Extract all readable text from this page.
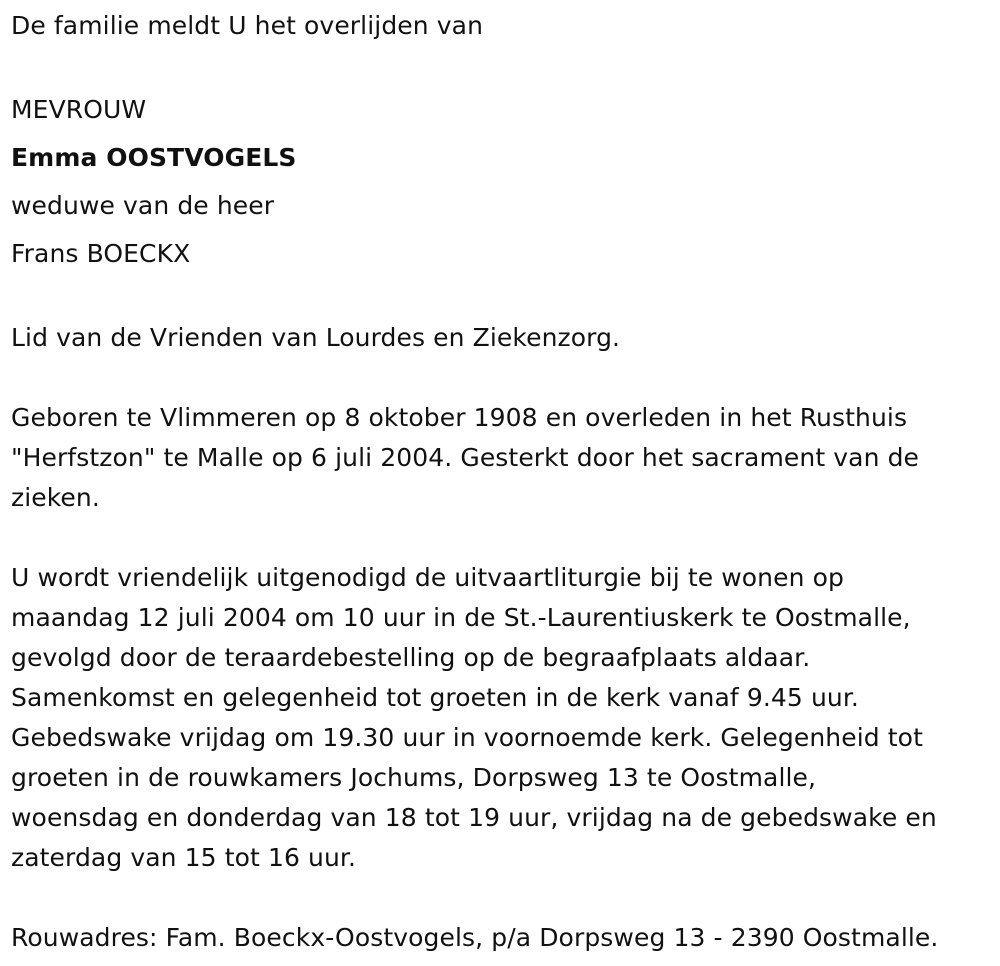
De familie meldt U het overlijden van
MEVROUW
Emma OOSTVOGELS
weduwe van de heer
Frans BOECKX
Lid van de Vrienden van Lourdes en Ziekenzorg.
Geboren te Vlimmeren op 8 oktober 1908 en overleden in het Rusthuis
"Herfstzon" te Malle op 6 juli 2004. Gesterkt door het sacrament van de
zieken.
U wordt vriendelijk uitgenodigd de uitvaartliturgie bij te wonen op
maandag 12 juli 2004 om 10 uur in de St.-Laurentiuskerk te Oostmalle,
gevolgd door de teraardebestelling op de begraafplaats aldaar.
Samenkomst en gelegenheid tot groeten in de kerk vanaf 9.45 uur.
Gebedswake vrijdag om 19.30 uur in voornoemde kerk. Gelegenheid tot
groeten in de rouwkamers Jochums, Dorpsweg 13 te Oostmalle,
woensdag en donderdag van 18 tot 19 uur, vrijdag na de gebedswake en
zaterdag van 15 tot 16 uur.
Rouwadres: Fam. Boeckx-Oostvogels, p/a Dorpsweg 13 - 2390 Oostmalle.
